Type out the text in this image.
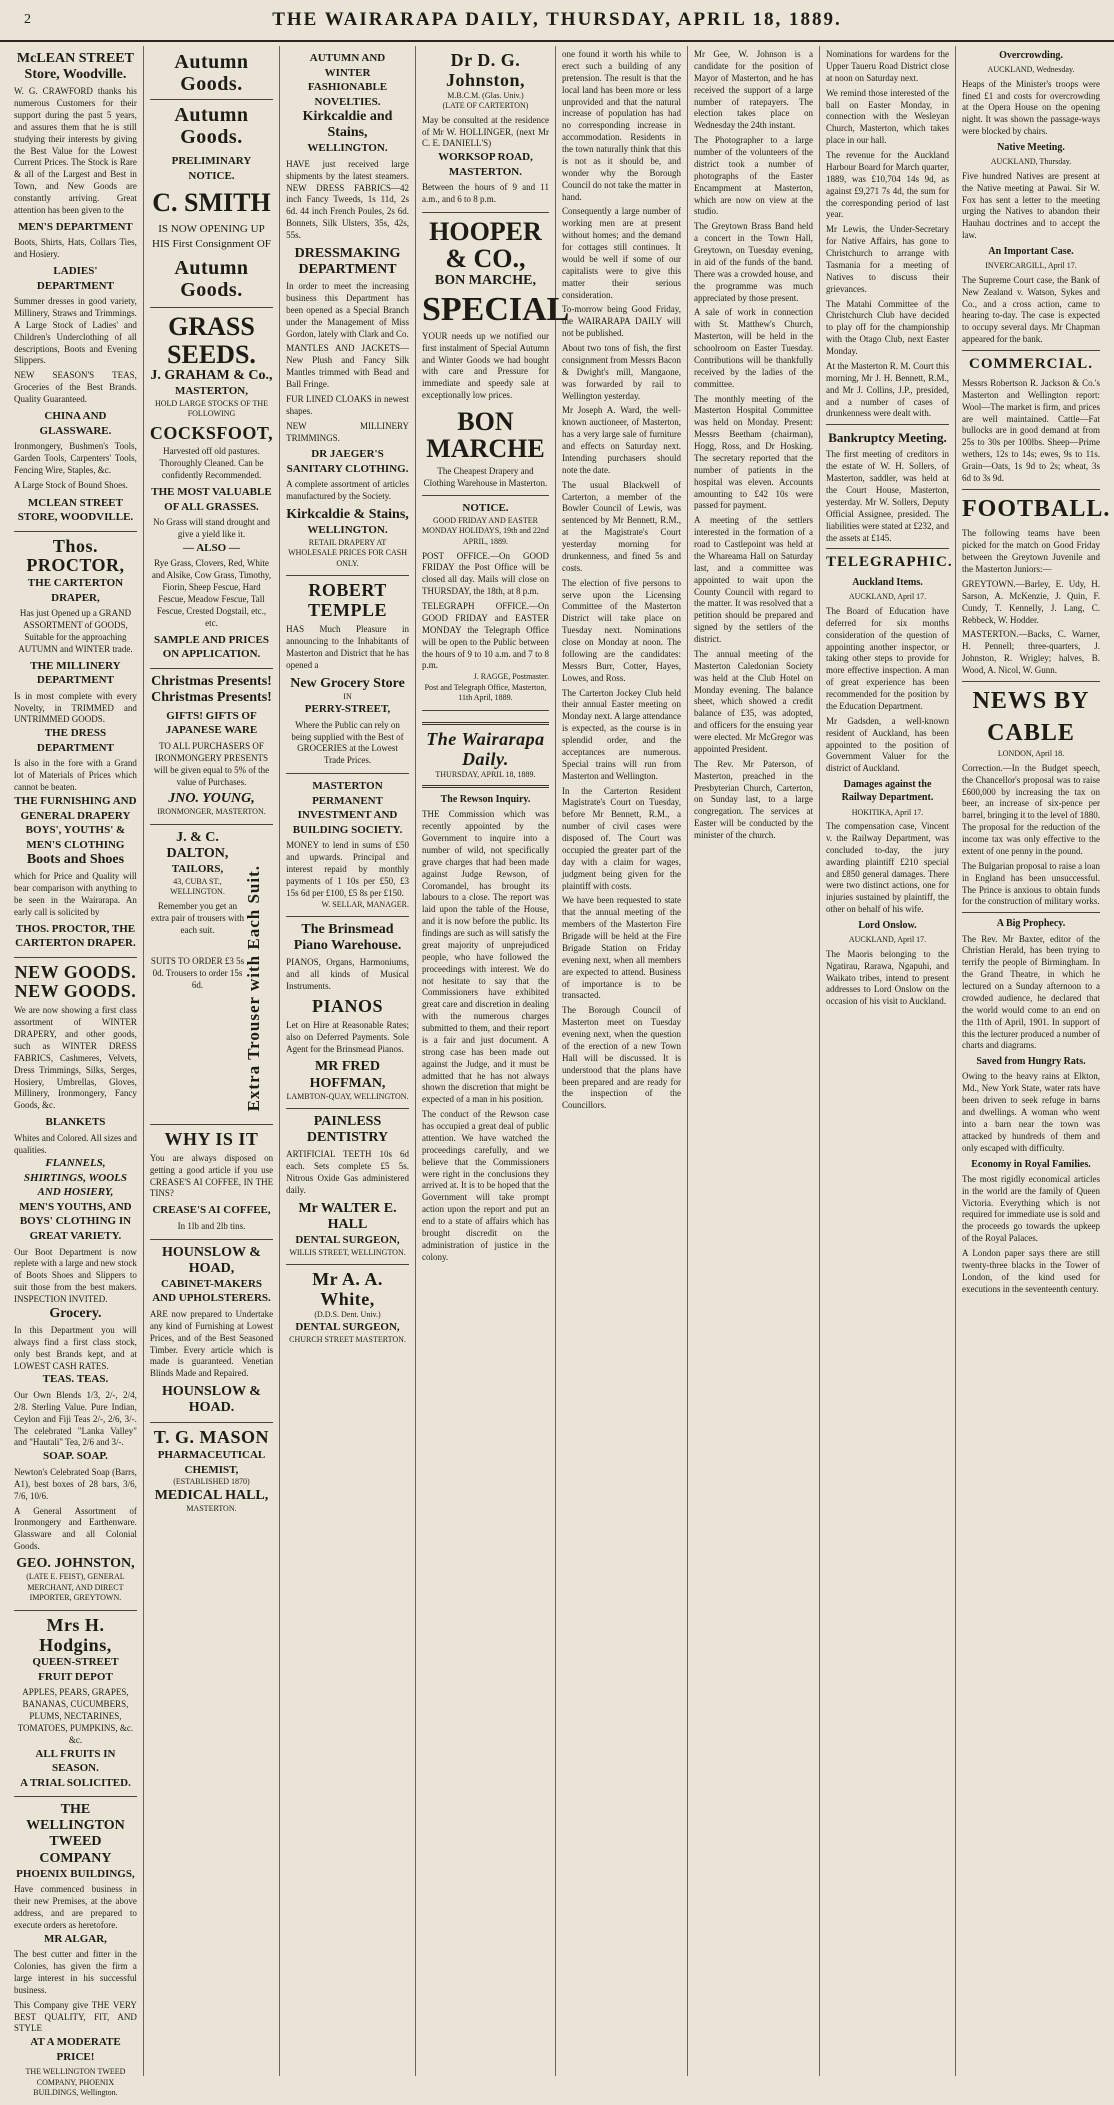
2	THE WAIRARAPA DAILY, THURSDAY, APRIL 18, 1889.
McLEAN STREET Store, Woodville.
W. G. CRAWFORD thanks his numerous Customers for their support during the past 5 years, and assures them that he is still studying their interests by giving the Best Value for the Lowest Current Prices. The Stock is Rare & all of the Largest and Best in Town, and New Goods are constantly arriving. Great attention has been given to the
MEN'S DEPARTMENT
Boots, Shirts, Hats, Collars Ties, and Hosiery.
LADIES' DEPARTMENT
Summer dresses in good variety, Millinery, Straws and Trimmings. A Large Stock of Ladies' and Children's Underclothing of all descriptions, Boots and Evening Slippers.
NEW SEASON'S TEAS, Groceries of the Best Brands. Quality Guaranteed.
CHINA AND GLASSWARE.
Ironmongery, Bushmen's Tools, Garden Tools, Carpenters' Tools, Fencing Wire, Staples, &c.
A Large Stock of Bound Shoes.
MCLEAN STREET STORE, WOODVILLE.
Thos. PROCTOR,
THE CARTERTON DRAPER,
Has just Opened up a GRAND ASSORTMENT of GOODS, Suitable for the approaching AUTUMN and WINTER trade.
THE MILLINERY DEPARTMENT
Is in most complete with every Novelty, in TRIMMED and UNTRIMMED GOODS.
THE DRESS DEPARTMENT
Is also in the fore with a Grand lot of Materials of Prices which cannot be beaten.
THE FURNISHING AND GENERAL DRAPERY
BOYS', YOUTHS' & MEN'S CLOTHING
Boots and Shoes
which for Price and Quality will bear comparison with anything to be seen in the Wairarapa. An early call is solicited by
THOS. PROCTOR, THE CARTERTON DRAPER.
NEW GOODS. NEW GOODS.
We are now showing a first class assortment of WINTER DRAPERY, and other goods, such as WINTER DRESS FABRICS, Cashmeres, Velvets, Dress Trimmings, Silks, Serges, Hosiery, Umbrellas, Gloves, Millinery, Ironmongery, Fancy Goods, &c.
BLANKETS
Whites and Colored. All sizes and qualities.
FLANNELS, SHIRTINGS, WOOLS AND HOSIERY,
MEN'S YOUTHS, AND BOYS' CLOTHING IN GREAT VARIETY.
Our Boot Department is now replete with a large and new stock of Boots Shoes and Slippers to suit those from the best makers. INSPECTION INVITED.
Grocery.
In this Department you will always find a first class stock, only best Brands kept, and at LOWEST CASH RATES.
TEAS. TEAS.
Our Own Blends 1/3, 2/-, 2/4, 2/8. Sterling Value. Pure Indian, Ceylon and Fiji Teas 2/-, 2/6, 3/-. The celebrated "Lanka Valley" and "Hautali" Tea, 2/6 and 3/-.
SOAP. SOAP.
Newton's Celebrated Soap (Barrs, A1), best boxes of 28 bars, 3/6, 7/6, 10/6.
A General Assortment of Ironmongery and Earthenware. Glassware and all Colonial Goods.
GEO. JOHNSTON,
(LATE E. FEIST), GENERAL MERCHANT, AND DIRECT IMPORTER, GREYTOWN.
Mrs H. Hodgins,
QUEEN-STREET FRUIT DEPOT
APPLES, PEARS, GRAPES, BANANAS, CUCUMBERS, PLUMS, NECTARINES, TOMATOES, PUMPKINS, &c. &c.
ALL FRUITS IN SEASON.
A TRIAL SOLICITED.
THE WELLINGTON TWEED COMPANY
PHOENIX BUILDINGS,
Have commenced business in their new Premises, at the above address, and are prepared to execute orders as heretofore.
MR ALGAR,
The best cutter and fitter in the Colonies, has given the firm a large interest in his successful business.
This Company give THE VERY BEST QUALITY, FIT, AND STYLE
AT A MODERATE PRICE!
THE WELLINGTON TWEED COMPANY, PHOENIX BUILDINGS, Wellington.
Autumn Goods.
Autumn Goods.
PRELIMINARY NOTICE.
C. SMITH
IS NOW OPENING UP HIS First Consignment OF
Autumn Goods.
GRASS SEEDS.
J. GRAHAM & Co.,
MASTERTON,
HOLD LARGE STOCKS OF THE FOLLOWING
COCKSFOOT,
Harvested off old pastures. Thoroughly Cleaned. Can be confidently Recommended.
THE MOST VALUABLE OF ALL GRASSES.
No Grass will stand drought and give a yield like it.
— ALSO —
Rye Grass, Clovers, Red, White and Alsike, Cow Grass, Timothy, Fiorin, Sheep Fescue, Hard Fescue, Meadow Fescue, Tall Fescue, Crested Dogstail, etc., etc.
SAMPLE AND PRICES ON APPLICATION.
Christmas Presents!
Christmas Presents!
GIFTS! GIFTS OF JAPANESE WARE
TO ALL PURCHASERS OF IRONMONGERY PRESENTS will be given equal to 5% of the value of Purchases.
JNO. YOUNG,
IRONMONGER, MASTERTON.
J. & C. DALTON,
TAILORS,
43, CUBA ST., WELLINGTON.
Remember you get an extra pair of trousers with each suit.
SUITS TO ORDER £3 5s 0d. Trousers to order 15s 6d.	Extra Trouser with Each Suit.
WHY IS IT
You are always disposed on getting a good article if you use CREASE'S AI COFFEE, IN THE TINS?
CREASE'S AI COFFEE,
In 1lb and 2lb tins.
HOUNSLOW & HOAD,
CABINET-MAKERS AND UPHOLSTERERS.
ARE now prepared to Undertake any kind of Furnishing at Lowest Prices, and of the Best Seasoned Timber. Every article which is made is guaranteed. Venetian Blinds Made and Repaired.
HOUNSLOW & HOAD.
T. G. MASON
PHARMACEUTICAL CHEMIST,
(ESTABLISHED 1870)
MEDICAL HALL,
MASTERTON.
AUTUMN AND WINTER FASHIONABLE NOVELTIES.
Kirkcaldie and Stains,
WELLINGTON.
HAVE just received large shipments by the latest steamers. NEW DRESS FABRICS—42 inch Fancy Tweeds, 1s 11d, 2s 6d. 44 inch French Poules, 2s 6d. Bonnets, Silk Ulsters, 35s, 42s, 55s.
DRESSMAKING DEPARTMENT
In order to meet the increasing business this Department has been opened as a Special Branch under the Management of Miss Gordon, lately with Clark and Co.
MANTLES AND JACKETS—New Plush and Fancy Silk Mantles trimmed with Bead and Ball Fringe.
FUR LINED CLOAKS in newest shapes.
NEW MILLINERY TRIMMINGS.
DR JAEGER'S SANITARY CLOTHING.
A complete assortment of articles manufactured by the Society.
Kirkcaldie & Stains,
WELLINGTON.
RETAIL DRAPERY AT WHOLESALE PRICES FOR CASH ONLY.
ROBERT TEMPLE
HAS Much Pleasure in announcing to the Inhabitants of Masterton and District that he has opened a
New Grocery Store
IN
PERRY-STREET,
Where the Public can rely on being supplied with the Best of GROCERIES at the Lowest Trade Prices.
MASTERTON PERMANENT INVESTMENT AND BUILDING SOCIETY.
MONEY to lend in sums of £50 and upwards. Principal and interest repaid by monthly payments of 1 10s per £50, £3 15s 6d per £100, £5 8s per £150.
W. SELLAR, MANAGER.
The Brinsmead Piano Warehouse.
PIANOS, Organs, Harmoniums, and all kinds of Musical Instruments.
PIANOS
Let on Hire at Reasonable Rates; also on Deferred Payments. Sole Agent for the Brinsmead Pianos.
MR FRED HOFFMAN,
LAMBTON-QUAY, WELLINGTON.
PAINLESS DENTISTRY
ARTIFICIAL TEETH 10s 6d each. Sets complete £5 5s. Nitrous Oxide Gas administered daily.
Mr WALTER E. HALL
DENTAL SURGEON,
WILLIS STREET, WELLINGTON.
Mr A. A. White,
(D.D.S. Dent. Univ.)
DENTAL SURGEON,
CHURCH STREET MASTERTON.
Dr D. G. Johnston,
M.B.C.M. (Glas. Univ.)
(LATE OF CARTERTON)
May be consulted at the residence of Mr W. HOLLINGER, (next Mr C. E. DANIELL'S)
WORKSOP ROAD, MASTERTON.
Between the hours of 9 and 11 a.m., and 6 to 8 p.m.
HOOPER & CO.,
BON MARCHE,
SPECIAL
YOUR needs up we notified our first instalment of Special Autumn and Winter Goods we had bought with care and Pressure for immediate and speedy sale at exceptionally low prices.
BON MARCHE
The Cheapest Drapery and Clothing Warehouse in Masterton.
NOTICE.
GOOD FRIDAY AND EASTER MONDAY HOLIDAYS, 19th and 22nd APRIL, 1889.
POST OFFICE.—On GOOD FRIDAY the Post Office will be closed all day. Mails will close on THURSDAY, the 18th, at 8 p.m.
TELEGRAPH OFFICE.—On GOOD FRIDAY and EASTER MONDAY the Telegraph Office will be open to the Public between the hours of 9 to 10 a.m. and 7 to 8 p.m.
J. RAGGE, Postmaster.
Post and Telegraph Office, Masterton, 11th April, 1889.
The Wairarapa Daily.
THURSDAY, APRIL 18, 1889.
The Rewson Inquiry.
THE Commission which was recently appointed by the Government to inquire into a number of wild, not specifically grave charges that had been made against Judge Rewson, of Coromandel, has brought its labours to a close. The report was laid upon the table of the House, and it is now before the public. Its findings are such as will satisfy the great majority of unprejudiced people, who have followed the proceedings with interest. We do not hesitate to say that the Commissioners have exhibited great care and discretion in dealing with the numerous charges submitted to them, and their report is a fair and just document. A strong case has been made out against the Judge, and it must be admitted that he has not always shown the discretion that might be expected of a man in his position.
The conduct of the Rewson case has occupied a great deal of public attention. We have watched the proceedings carefully, and we believe that the Commissioners were right in the conclusions they arrived at. It is to be hoped that the Government will take prompt action upon the report and put an end to a state of affairs which has brought discredit on the administration of justice in the colony.
one found it worth his while to erect such a building of any pretension. The result is that the local land has been more or less unprovided and that the natural increase of population has had no corresponding increase in accommodation. Residents in the town naturally think that this is not as it should be, and wonder why the Borough Council do not take the matter in hand.
Consequently a large number of working men are at present without homes; and the demand for cottages still continues. It would be well if some of our capitalists were to give this matter their serious consideration.
To-morrow being Good Friday, the WAIRARAPA DAILY will not be published.
About two tons of fish, the first consignment from Messrs Bacon & Dwight's mill, Mangaone, was forwarded by rail to Wellington yesterday.
Mr Joseph A. Ward, the well-known auctioneer, of Masterton, has a very large sale of furniture and effects on Saturday next. Intending purchasers should note the date.
The usual Blackwell of Carterton, a member of the Bowler Council of Lewis, was sentenced by Mr Bennett, R.M., at the Magistrate's Court yesterday morning for drunkenness, and fined 5s and costs.
The election of five persons to serve upon the Licensing Committee of the Masterton District will take place on Tuesday next. Nominations close on Monday at noon. The following are the candidates: Messrs Burr, Cotter, Hayes, Lowes, and Ross.
The Carterton Jockey Club held their annual Easter meeting on Monday next. A large attendance is expected, as the course is in splendid order, and the acceptances are numerous. Special trains will run from Masterton and Wellington.
In the Carterton Resident Magistrate's Court on Tuesday, before Mr Bennett, R.M., a number of civil cases were disposed of. The Court was occupied the greater part of the day with a claim for wages, judgment being given for the plaintiff with costs.
We have been requested to state that the annual meeting of the members of the Masterton Fire Brigade will be held at the Fire Brigade Station on Friday evening next, when all members are expected to attend. Business of importance is to be transacted.
The Borough Council of Masterton meet on Tuesday evening next, when the question of the erection of a new Town Hall will be discussed. It is understood that the plans have been prepared and are ready for the inspection of the Councillors.
Mr Gee, W. Johnson is a candidate for the position of Mayor of Masterton, and he has received the support of a large number of ratepayers. The election takes place on Wednesday the 24th instant.
The Photographer to a large number of the volunteers of the district took a number of photographs of the Easter Encampment at Masterton, which are now on view at the studio.
The Greytown Brass Band held a concert in the Town Hall, Greytown, on Tuesday evening, in aid of the funds of the band. There was a crowded house, and the programme was much appreciated by those present.
A sale of work in connection with St. Matthew's Church, Masterton, will be held in the schoolroom on Easter Tuesday. Contributions will be thankfully received by the ladies of the committee.
The monthly meeting of the Masterton Hospital Committee was held on Monday. Present: Messrs Beetham (chairman), Hogg, Ross, and Dr Hosking. The secretary reported that the number of patients in the hospital was eleven. Accounts amounting to £42 10s were passed for payment.
A meeting of the settlers interested in the formation of a road to Castlepoint was held at the Whareama Hall on Saturday last, and a committee was appointed to wait upon the County Council with regard to the matter. It was resolved that a petition should be prepared and signed by the settlers of the district.
The annual meeting of the Masterton Caledonian Society was held at the Club Hotel on Monday evening. The balance sheet, which showed a credit balance of £35, was adopted, and officers for the ensuing year were elected. Mr McGregor was appointed President.
The Rev. Mr Paterson, of Masterton, preached in the Presbyterian Church, Carterton, on Sunday last, to a large congregation. The services at Easter will be conducted by the minister of the church.
Nominations for wardens for the Upper Taueru Road District close at noon on Saturday next.
We remind those interested of the ball on Easter Monday, in connection with the Wesleyan Church, Masterton, which takes place in our hall.
The revenue for the Auckland Harbour Board for March quarter, 1889, was £10,704 14s 9d, as against £9,271 7s 4d, the sum for the corresponding period of last year.
Mr Lewis, the Under-Secretary for Native Affairs, has gone to Christchurch to arrange with Tasmania for a meeting of Natives to discuss their grievances.
The Matahi Committee of the Christchurch Club have decided to play off for the championship with the Otago Club, next Easter Monday.
At the Masterton R. M. Court this morning, Mr J. H. Bennett, R.M., and Mr J. Collins, J.P., presided, and a number of cases of drunkenness were dealt with.
Bankruptcy Meeting.
The first meeting of creditors in the estate of W. H. Sollers, of Masterton, saddler, was held at the Court House, Masterton, yesterday. Mr W. Sollers, Deputy Official Assignee, presided. The liabilities were stated at £232, and the assets at £145.
TELEGRAPHIC.
Auckland Items.
AUCKLAND, April 17.
The Board of Education have deferred for six months consideration of the question of appointing another inspector, or taking other steps to provide for more effective inspection. A man of great experience has been recommended for the position by the Education Department.
Mr Gadsden, a well-known resident of Auckland, has been appointed to the position of Government Valuer for the district of Auckland.
Damages against the Railway Department.
HOKITIKA, April 17.
The compensation case, Vincent v. the Railway Department, was concluded to-day, the jury awarding plaintiff £210 special and £850 general damages. There were two distinct actions, one for injuries sustained by plaintiff, the other on behalf of his wife.
Lord Onslow.
AUCKLAND, April 17.
The Maoris belonging to the Ngatirau, Rarawa, Ngapuhi, and Waikato tribes, intend to present addresses to Lord Onslow on the occasion of his visit to Auckland.
Overcrowding.
AUCKLAND, Wednesday.
Heaps of the Minister's troops were fined £1 and costs for overcrowding at the Opera House on the opening night. It was shown the passage-ways were blocked by chairs.
Native Meeting.
AUCKLAND, Thursday.
Five hundred Natives are present at the Native meeting at Pawai. Sir W. Fox has sent a letter to the meeting urging the Natives to abandon their Hauhau doctrines and to accept the law.
An Important Case.
INVERCARGILL, April 17.
The Supreme Court case, the Bank of New Zealand v. Watson, Sykes and Co., and a cross action, came to hearing to-day. The case is expected to occupy several days. Mr Chapman appeared for the bank.
COMMERCIAL.
Messrs Robertson R. Jackson & Co.'s Masterton and Wellington report: Wool—The market is firm, and prices are well maintained. Cattle—Fat bullocks are in good demand at from 25s to 30s per 100lbs. Sheep—Prime wethers, 12s to 14s; ewes, 9s to 11s. Grain—Oats, 1s 9d to 2s; wheat, 3s 6d to 3s 9d.
FOOTBALL.
The following teams have been picked for the match on Good Friday between the Greytown Juvenile and the Masterton Juniors:—
GREYTOWN.—Barley, E. Udy, H. Sarson, A. McKenzie, J. Quin, F. Cundy, T. Kennelly, J. Lang, C. Rebbeck, W. Hodder.
MASTERTON.—Backs, C. Warner, H. Pennell; three-quarters, J. Johnston, R. Wrigley; halves, B. Wood, A. Nicol, W. Gunn.
NEWS BY CABLE
LONDON, April 18.
Correction.—In the Budget speech, the Chancellor's proposal was to raise £600,000 by increasing the tax on beer, an increase of six-pence per barrel, bringing it to the level of 1880. The proposal for the reduction of the income tax was only effective to the extent of one penny in the pound.
The Bulgarian proposal to raise a loan in England has been unsuccessful. The Prince is anxious to obtain funds for the construction of military works.
A Big Prophecy.
The Rev. Mr Baxter, editor of the Christian Herald, has been trying to terrify the people of Birmingham. In the Grand Theatre, in which he lectured on a Sunday afternoon to a crowded audience, he declared that the world would come to an end on the 11th of April, 1901. In support of this the lecturer produced a number of charts and diagrams.
Saved from Hungry Rats.
Owing to the heavy rains at Elkton, Md., New York State, water rats have been driven to seek refuge in barns and dwellings. A woman who went into a barn near the town was attacked by hundreds of them and only escaped with difficulty.
Economy in Royal Families.
The most rigidly economical articles in the world are the family of Queen Victoria. Everything which is not required for immediate use is sold and the proceeds go towards the upkeep of the Royal Palaces.
A London paper says there are still twenty-three blacks in the Tower of London, of the kind used for executions in the seventeenth century.
